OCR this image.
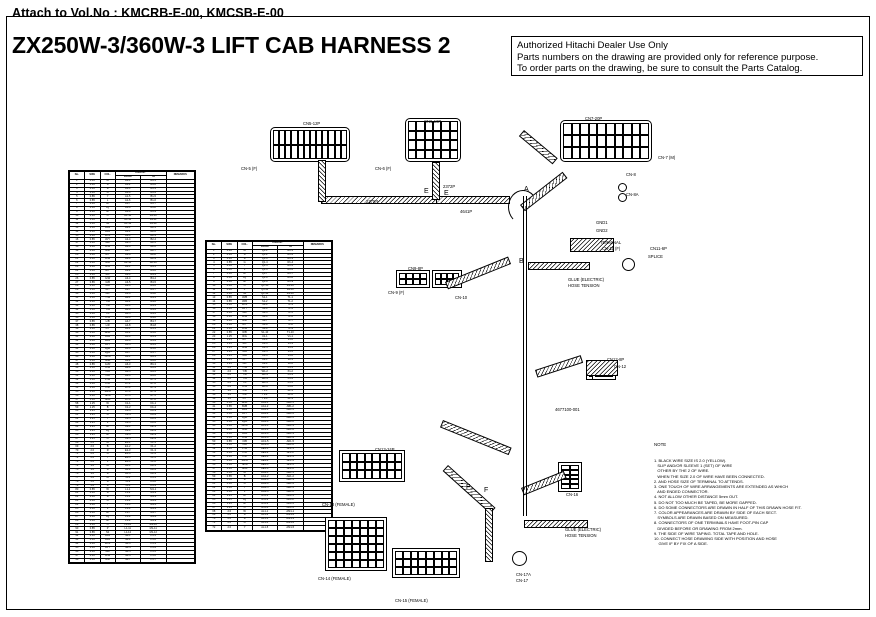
Attach to Vol.No : KMCRB-E-00, KMCSB-E-00
ZX250W-3/360W-3 LIFT CAB HARNESS 2	Authorized Hitachi Dealer Use Only
Parts numbers on the drawing are provided only for reference purpose.
To order parts on the drawing, be sure to consult the Parts Catalog.
No.	SIZE	COL.	CIRCUIT		REMARKS
			FROM	TO	
1	0.85	W	A1-1	B1-1	
2	0.85	B	A1-2	B1-2	
3	0.85	R	A1-3	B1-3	
4	0.85	G	A1-4	B1-4	
5	0.85	Y	A1-5	B1-5	
6	0.85	L	A1-6	B1-6	
7	0.85	Br	A1-7	B1-7	
8	0.85	Lg	A1-8	B1-8	
9	0.85	Gr	A1-9	B1-9	
10	0.85	O	A1-10	B1-10	
11	0.85	P	A1-11	B1-11	
12	0.85	Sb	A1-12	B1-12	
13	0.85	W/B	A2-1	B2-1	
14	0.85	W/R	A2-2	B2-2	
15	0.85	W/G	A2-3	B2-3	
16	0.85	W/Y	A2-4	B2-4	
17	0.85	W/L	A2-5	B2-5	
18	0.85	B/W	A2-6	B2-6	
19	0.85	B/R	A2-7	B2-7	
20	0.85	B/Y	A2-8	B2-8	
21	0.85	R/W	A2-9	B2-9	
22	0.85	R/B	A2-10	B2-10	
23	0.85	R/G	A3-1	B3-1	
24	0.85	R/Y	A3-2	B3-2	
25	0.85	R/L	A3-3	B3-3	
26	0.85	G/W	A3-4	B3-4	
27	0.85	G/B	A3-5	B3-5	
28	0.85	G/R	A3-6	B3-6	
29	0.85	G/Y	A3-7	B3-7	
30	0.85	G/L	A3-8	B3-8	
31	0.85	Y/W	A4-1	B4-1	
32	0.85	Y/B	A4-2	B4-2	
33	0.85	Y/R	A4-3	B4-3	
34	0.85	Y/G	A4-4	B4-4	
35	0.85	Y/L	A4-5	B4-5	
36	0.85	L/W	A4-6	B4-6	
37	0.85	L/B	A4-7	B4-7	
38	0.85	L/R	A4-8	B4-8	
39	0.85	L/Y	A5-1	B5-1	
40	0.85	Br/W	A5-2	B5-2	
41	0.85	Br/B	A5-3	B5-3	
42	0.85	Br/R	A5-4	B5-4	
43	0.85	Br/Y	A5-5	B5-5	
44	0.85	Lg/B	A5-6	B5-6	
45	0.85	Lg/R	A5-7	B5-7	
46	0.85	Gr/W	A6-1	B6-1	
47	0.85	Gr/B	A6-2	B6-2	
48	0.85	Gr/R	A6-3	B6-3	
49	0.85	O/W	A6-4	B6-4	
50	0.85	O/B	A6-5	B6-5	
51	0.85	O/R	A6-6	B6-6	
52	0.85	P/W	A7-1	B7-1	
53	0.85	P/B	A7-2	B7-2	
54	0.85	P/R	A7-3	B7-3	
55	0.85	Sb/W	A7-4	B7-4	
56	0.85	Sb/B	A7-5	B7-5	
57	0.85	Sb/R	A7-6	B7-6	
58	1.25	W	C1-1	D1-1	
59	1.25	B	C1-2	D1-2	
60	1.25	R	C1-3	D1-3	
61	1.25	G	C1-4	D1-4	
62	1.25	Y	C1-5	D1-5	
63	1.25	L	C1-6	D1-6	
64	1.25	Br	C2-1	D2-1	
65	1.25	Lg	C2-2	D2-2	
66	1.25	Gr	C2-3	D2-3	
67	1.25	O	C2-4	D2-4	
68	2.0	W	E1-1	F1-1	
69	2.0	B	E1-2	F1-2	
70	2.0	R	E1-3	F1-3	
71	2.0	G	E1-4	F1-4	
72	2.0	Y	E1-5	F1-5	
73	2.0	L	E1-6	F1-6	
74	3.0	W	G1-1	H1-1	
75	3.0	B	G1-2	H1-2	
76	3.0	R	G1-3	H1-3	
77	5.0	W	J1-1	K1-1	
78	5.0	B	J1-2	K1-2	
79	5.0	R	J1-3	K1-3	
80	0.85	W	L1-1	M1-1	
81	0.85	B	L1-2	M1-2	
82	0.85	R	L1-3	M1-3	
83	0.85	G	L1-4	M1-4	
84	0.85	Y	L1-5	M1-5	
85	0.85	L	L1-6	M1-6	
86	0.85	Br	L1-7	M1-7	
87	0.85	Lg	L1-8	M1-8	
88	0.85	Gr	L1-9	M1-9	
89	0.85	O	L1-10	M1-10	
90	0.85	P	L1-11	M1-11	
91	0.85	Sb	L1-12	M1-12	
92	0.85	W/B	N1-1	P1-1	
93	0.85	W/R	N1-2	P1-2	
94	0.85	W/G	N1-3	P1-3	
95	0.85	W/Y	N1-4	P1-4	
96	0.85	W/L	N1-5	P1-5	
97	0.85	B/W	N1-6	P1-6	
98	0.85	B/R	N1-7	P1-7	
No.	SIZE	COL.	CIRCUIT		REMARKS
			FROM	TO	
1	0.85	W	Q1-1	R1-1	
2	0.85	B	Q1-2	R1-2	
3	0.85	R	Q1-3	R1-3	
4	0.85	G	Q1-4	R1-4	
5	0.85	Y	Q1-5	R1-5	
6	0.85	L	Q1-6	R1-6	
7	0.85	Br	Q1-7	R1-7	
8	0.85	Lg	Q1-8	R1-8	
9	0.85	Gr	Q1-9	R1-9	
10	0.85	O	Q1-10	R1-10	
11	0.85	P	Q1-11	R1-11	
12	0.85	Sb	Q1-12	R1-12	
13	0.85	W/B	S1-1	T1-1	
14	0.85	W/R	S1-2	T1-2	
15	0.85	W/G	S1-3	T1-3	
16	0.85	W/Y	S1-4	T1-4	
17	0.85	W/L	S1-5	T1-5	
18	0.85	B/W	S1-6	T1-6	
19	0.85	B/R	S1-7	T1-7	
20	0.85	B/Y	S1-8	T1-8	
21	0.85	R/W	S1-9	T1-9	
22	0.85	R/B	S1-10	T1-10	
23	1.25	R/G	U1-1	V1-1	
24	1.25	R/Y	U1-2	V1-2	
25	1.25	R/L	U1-3	V1-3	
26	1.25	G/W	U1-4	V1-4	
27	1.25	G/B	U1-5	V1-5	
28	1.25	G/R	U1-6	V1-6	
29	1.25	G/Y	U2-1	V2-1	
30	1.25	G/L	U2-2	V2-2	
31	2.0	Y/W	W1-1	X1-1	
32	2.0	Y/B	W1-2	X1-2	
33	2.0	Y/R	W1-3	X1-3	
34	2.0	Y/G	W1-4	X1-4	
35	2.0	Y/L	W1-5	X1-5	
36	2.0	L/W	W1-6	X1-6	
37	3.0	L/B	Y1-1	Z1-1	
38	3.0	L/R	Y1-2	Z1-2	
39	3.0	L/Y	Y1-3	Z1-3	
40	0.85	Br/W	AA1-1	AB1-1	
41	0.85	Br/B	AA1-2	AB1-2	
42	0.85	Br/R	AA1-3	AB1-3	
43	0.85	Br/Y	AA1-4	AB1-4	
44	0.85	Lg/B	AA1-5	AB1-5	
45	0.85	Lg/R	AA1-6	AB1-6	
46	0.85	Gr/W	AC1-1	AD1-1	
47	0.85	Gr/B	AC1-2	AD1-2	
48	0.85	Gr/R	AC1-3	AD1-3	
49	0.85	O/W	AC1-4	AD1-4	
50	0.85	O/B	AC1-5	AD1-5	
51	0.85	O/R	AC1-6	AD1-6	
52	0.85	P/W	AE1-1	AF1-1	
53	0.85	P/B	AE1-2	AF1-2	
54	0.85	P/R	AE1-3	AF1-3	
55	0.85	Sb/W	AE1-4	AF1-4	
56	0.85	Sb/B	AE1-5	AF1-5	
57	0.85	Sb/R	AE1-6	AF1-6	
58	0.85	W	AG1-1	AH1-1	
59	0.85	B	AG1-2	AH1-2	
60	0.85	R	AG1-3	AH1-3	
61	0.85	G	AG1-4	AH1-4	
62	0.85	Y	AG1-5	AH1-5	
63	0.85	L	AG1-6	AH1-6	
64	1.25	Br	AJ1-1	AK1-1	
65	1.25	Lg	AJ1-2	AK1-2	
66	1.25	Gr	AJ1-3	AK1-3	
67	1.25	O	AJ1-4	AK1-4	
68	2.0	W	AL1-1	AM1-1	
69	2.0	B	AL1-2	AM1-2	
70	2.0	R	AL1-3	AM1-3	
71	2.0	G	AL1-4	AM1-4	
72	2.0	Y	AL1-5	AM1-5	
A
B
E E
F F
CN-5 (F)
CN5-12P
CN-6 (F)
CN6-16P
CN7-20P
CN-7 (M)
2375P
2372P
4641P
CN-8
CN-8A
GND1
GND2
TERMINAL
CN-11 (F)	CN11-6P
SPLICE
CN-9 (F)
CN9-8P
CN-10
GLUE (ELECTRIC)
HOSE TENSION
CN12-8P
CN-12
4677100-001
CN13-24P
CN-13 (FEMALE)
CN-14 (FEMALE)
CN-15 (FEMALE)
CN-16
CN-17
CN-17A
GLUE (ELECTRIC)
HOSE TENSION

NOTE

1. BLACK WIRE SIZE IS 2.0 (YELLOW).
SLIP AND/OR SLEEVE 1 (SET) OF WIRE
OTHER BY THE 2 OF WIRE.
WHEN THE SIZE 2.0 OF WIRE HAVE BEEN CONNECTED.
2. AND HOSE SIZE OF TERMINAL TO ATTENDS.
3. ONE TOUCH OF WIRE ARRANGEMENTS ARE EXTENDED AS WHICH
AND ENDED CONNECTOR.
4. NOT ALLOW OTHER DISTANCE 5mm OUT.
5. DO NOT TOO MUCH BE TAPED, BE MORE GAPPED.
6. DO SOME CONNECTORS ARE DRAWN IN HALF OF THIS DRAWN HOSE FIT.
7. COLOR APPEARANCES ARE DRAWN BY SIDE OF EACH SECT.
SYMBOLS ARE DRAWN BASED ON MEASURED.
8. CONNECTORS OF ONE TERMINALS HAVE FOOT-PIN CAP
DIVIDED BEFORE OR DRAWING FROM 2mm.
9. THE SIDE OF WIRE TAPING. TOTAL TAPE AND HOLE.
10. CONNECT HOSE DRAWING SIDE WITH POSITION AND HOSE
GIVE IF BY FIX OF A SIDE.
